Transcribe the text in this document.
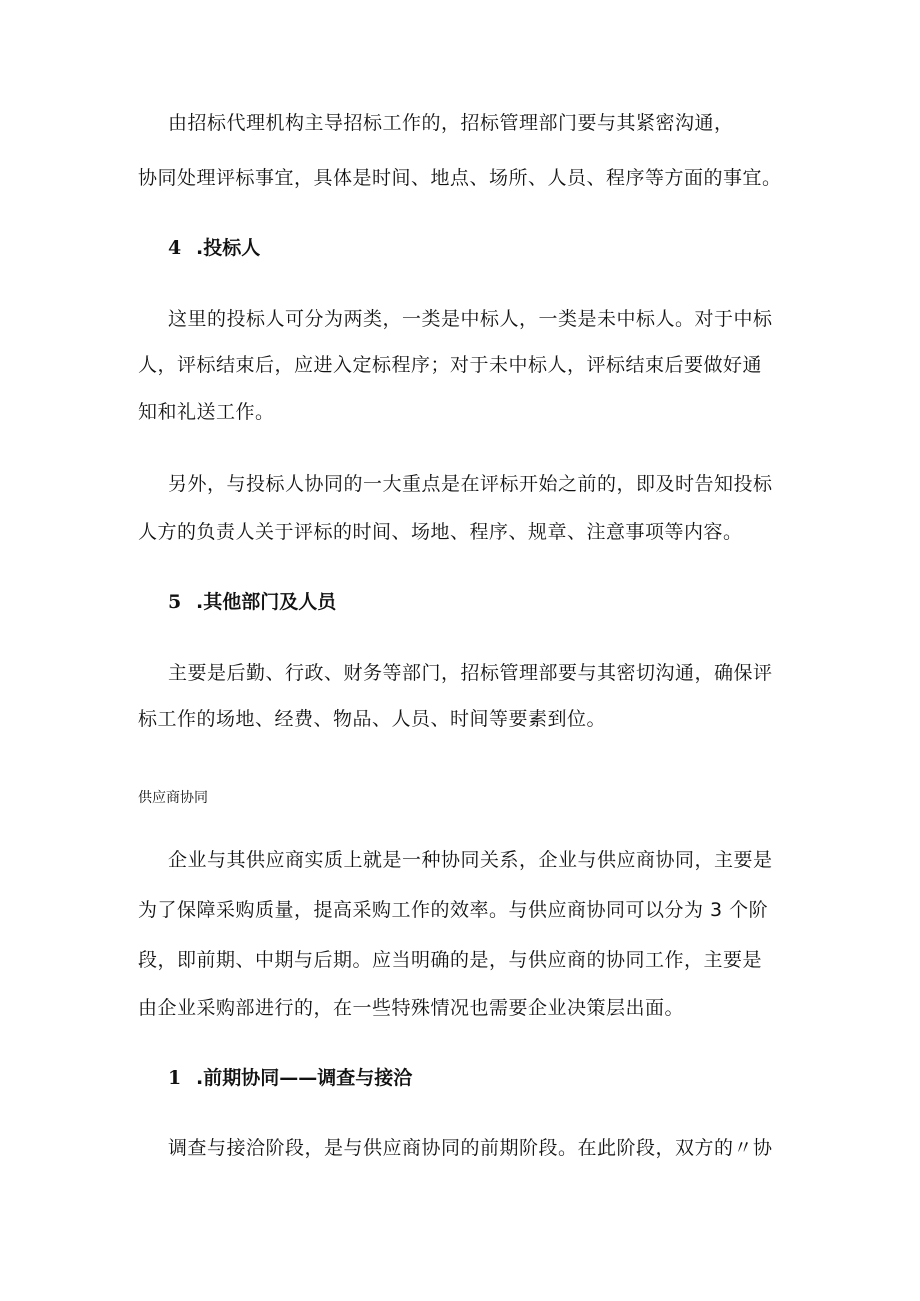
由招标代理机构主导招标工作的，招标管理部门要与其紧密沟通，
协同处理评标事宜，具体是时间、地点、场所、人员、程序等方面的事宜。
4 .投标人
这里的投标人可分为两类，一类是中标人，一类是未中标人。对于中标
人，评标结束后，应进入定标程序；对于未中标人，评标结束后要做好通
知和礼送工作。
另外，与投标人协同的一大重点是在评标开始之前的，即及时告知投标
人方的负责人关于评标的时间、场地、程序、规章、注意事项等内容。
5 .其他部门及人员
主要是后勤、行政、财务等部门，招标管理部要与其密切沟通，确保评
标工作的场地、经费、物品、人员、时间等要素到位。
供应商协同
企业与其供应商实质上就是一种协同关系，企业与供应商协同，主要是
为了保障采购质量，提高采购工作的效率。与供应商协同可以分为 3 个阶
段，即前期、中期与后期。应当明确的是，与供应商的协同工作，主要是
由企业采购部进行的，在一些特殊情况也需要企业决策层出面。
1 .前期协同——调查与接洽
调查与接洽阶段，是与供应商协同的前期阶段。在此阶段，双方的〃协
